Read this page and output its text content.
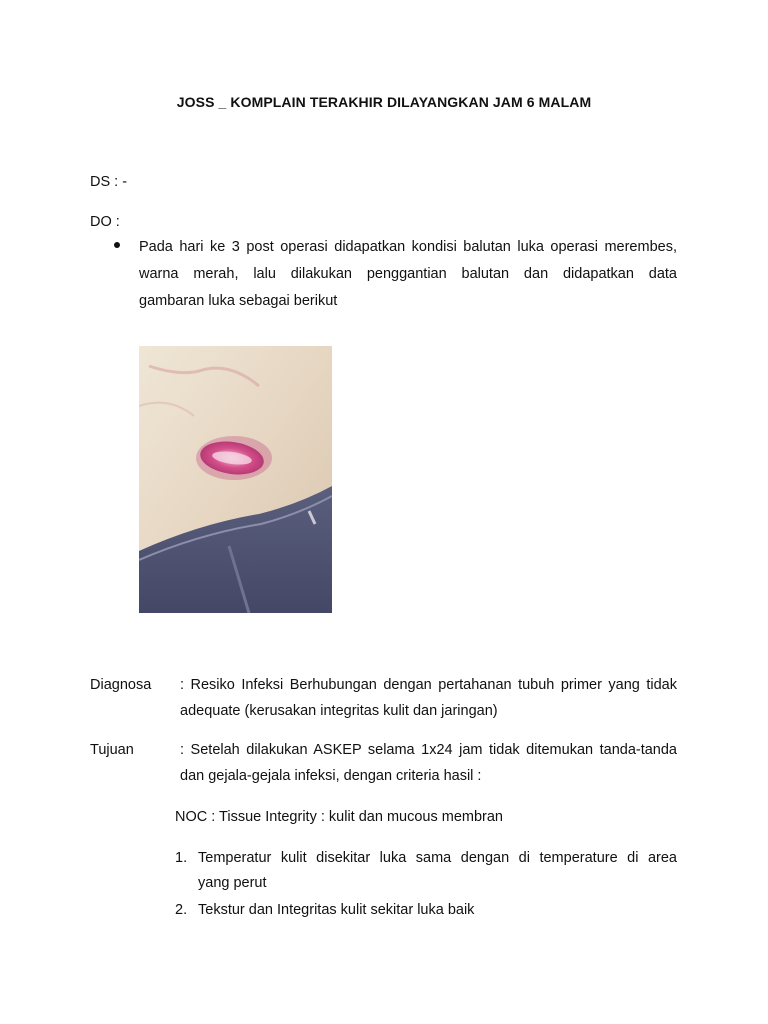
JOSS _ KOMPLAIN TERAKHIR DILAYANGKAN JAM 6 MALAM
DS : -
DO :
Pada hari ke 3 post operasi didapatkan kondisi balutan luka operasi merembes,
warna merah, lalu dilakukan penggantian balutan dan didapatkan data
gambaran luka sebagai berikut
Diagnosa : Resiko Infeksi Berhubungan dengan pertahanan tubuh primer yang tidak
adequate (kerusakan integritas kulit dan jaringan)
Tujuan	: Setelah dilakukan ASKEP selama 1x24 jam tidak ditemukan tanda-tanda
dan gejala-gejala infeksi, dengan criteria hasil :
NOC : Tissue Integrity : kulit dan mucous membran
1. Temperatur kulit disekitar luka sama dengan di temperature di area
yang perut
2. Tekstur dan Integritas kulit sekitar luka baik
